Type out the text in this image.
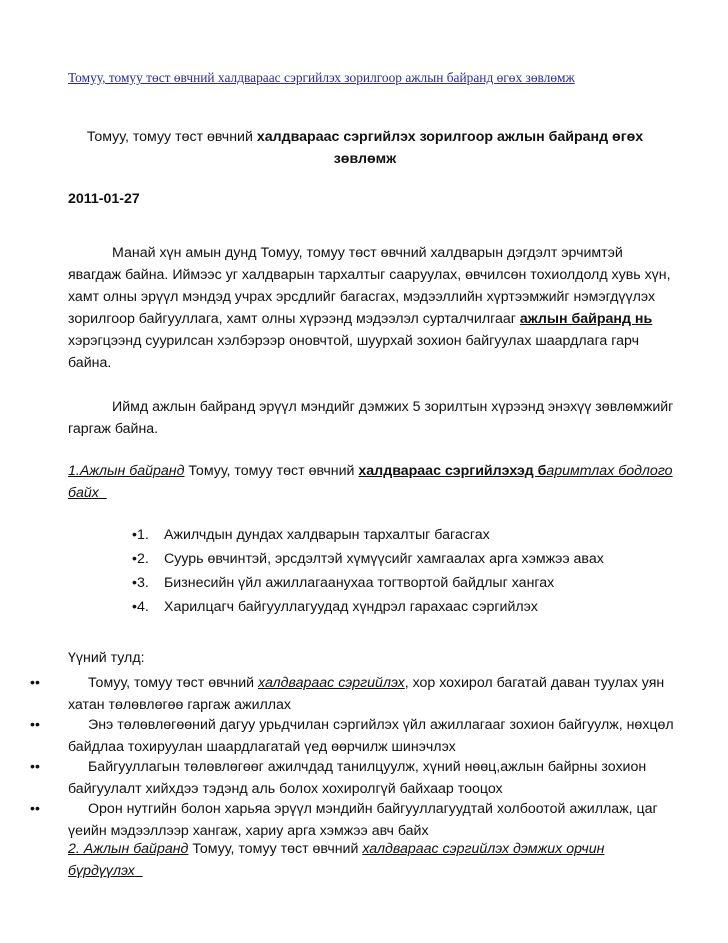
Томуу, томуу төст өвчний халдвараас сэргийлэх зорилгоор ажлын байранд өгөх зөвлөмж
Томуу, томуу төст өвчний халдвараас сэргийлэх зорилгоор ажлын байранд өгөх зөвлөмж
2011-01-27
Манай хүн амын дунд Томуу, томуу төст өвчний халдварын дэгдэлт эрчимтэй явагдаж байна. Иймээс уг халдварын тархалтыг саарyулах, өвчилсөн тохиолдолд хувь хүн, хамт олны эрүүл мэндэд учрах эрсдлийг багасгах, мэдээллийн хүртээмжийг нэмэгдүүлэх зорилгоор байгууллага, хамт олны хүрээнд мэдээлэл сурталчилгааг ажлын байранд нь хэрэгцээнд суурилсан хэлбэрээр оновчтой, шуурхай зохион байгуулах шаардлага гарч байна.
Иймд ажлын байранд эрүүл мэндийг дэмжих 5 зорилтын хүрээнд энэхүү зөвлөмжийг гаргаж байна.
1.Ажлын байранд Томуу, томуу төст өвчний халдвараас сэргийлэхэд баримтлах бодлого байх
•1. Ажилчдын дундах халдварын тархалтыг багасгах
•2. Суурь өвчинтэй, эрсдэлтэй хүмүүсийг хамгаалах арга хэмжээ авах
•3. Бизнесийн үйл ажиллагаанyхаа тогтвортой байдлыг хангах
•4. Харилцагч байгууллагуудад хүндрэл гарахаас сэргийлэх
Үүний тулд:
••	Томуу, томуу төст өвчний халдвараас сэргийлэх, хор хохирол багатай даван туулах уян хатан төлөвлөгөө гаргаж ажиллах
••	Энэ төлөвлөгөөний дагуу урьдчилан сэргийлэх үйл ажиллагааг зохион байгуулж, нөхцөл байдлаа тохируулан шаардлагатай үед өөрчилж шинэчлэх
••	Байгууллагын төлөвлөгөөг ажилчдад танилцуулж, хүний нөөц,ажлын байрны зохион байгуулалт хийхдээ тэдэнд аль болох хохиролгүй байхаар тооцох
••	Орон нутгийн болон харьяа эрүүл мэндийн байгууллагуудтай холбоотой ажиллаж, цаг үеийн мэдээллээр хангаж, хариу арга хэмжээ авч байх
2. Ажлын байранд Томуу, томуу төст өвчний халдвараас сэргийлэх дэмжих орчин бүрдүүлэх
